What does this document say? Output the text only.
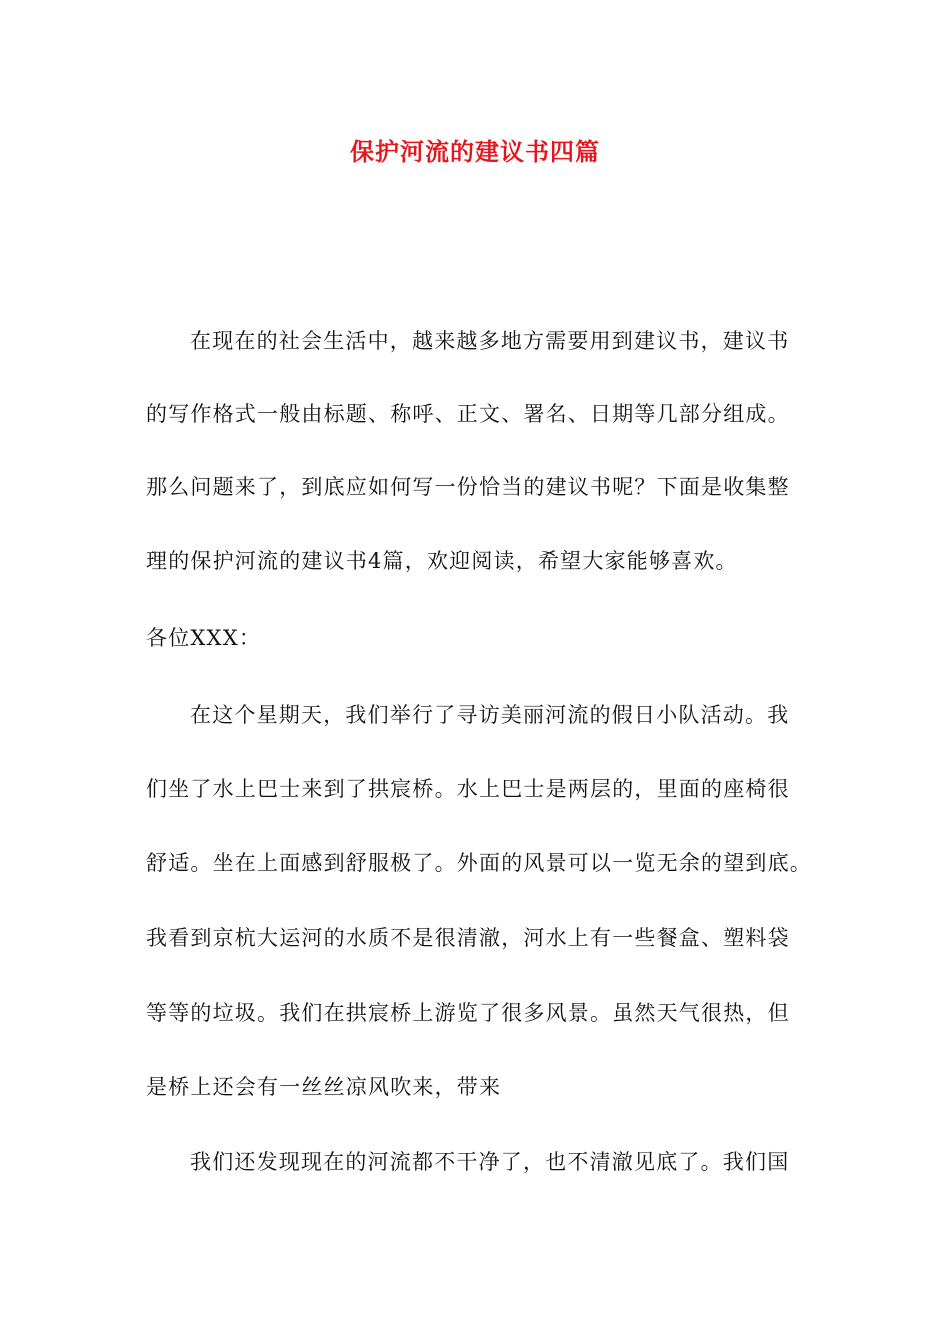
保护河流的建议书四篇

在现在的社会生活中，越来越多地方需要用到建议书，建议书

的写作格式一般由标题、称呼、正文、署名、日期等几部分组成。

那么问题来了，到底应如何写一份恰当的建议书呢？下面是收集整

理的保护河流的建议书4篇，欢迎阅读，希望大家能够喜欢。

各位XXX：

在这个星期天，我们举行了寻访美丽河流的假日小队活动。我

们坐了水上巴士来到了拱宸桥。水上巴士是两层的，里面的座椅很

舒适。坐在上面感到舒服极了。外面的风景可以一览无余的望到底。

我看到京杭大运河的水质不是很清澈，河水上有一些餐盒、塑料袋

等等的垃圾。我们在拱宸桥上游览了很多风景。虽然天气很热，但

是桥上还会有一丝丝凉风吹来，带来

我们还发现现在的河流都不干净了，也不清澈见底了。我们国
